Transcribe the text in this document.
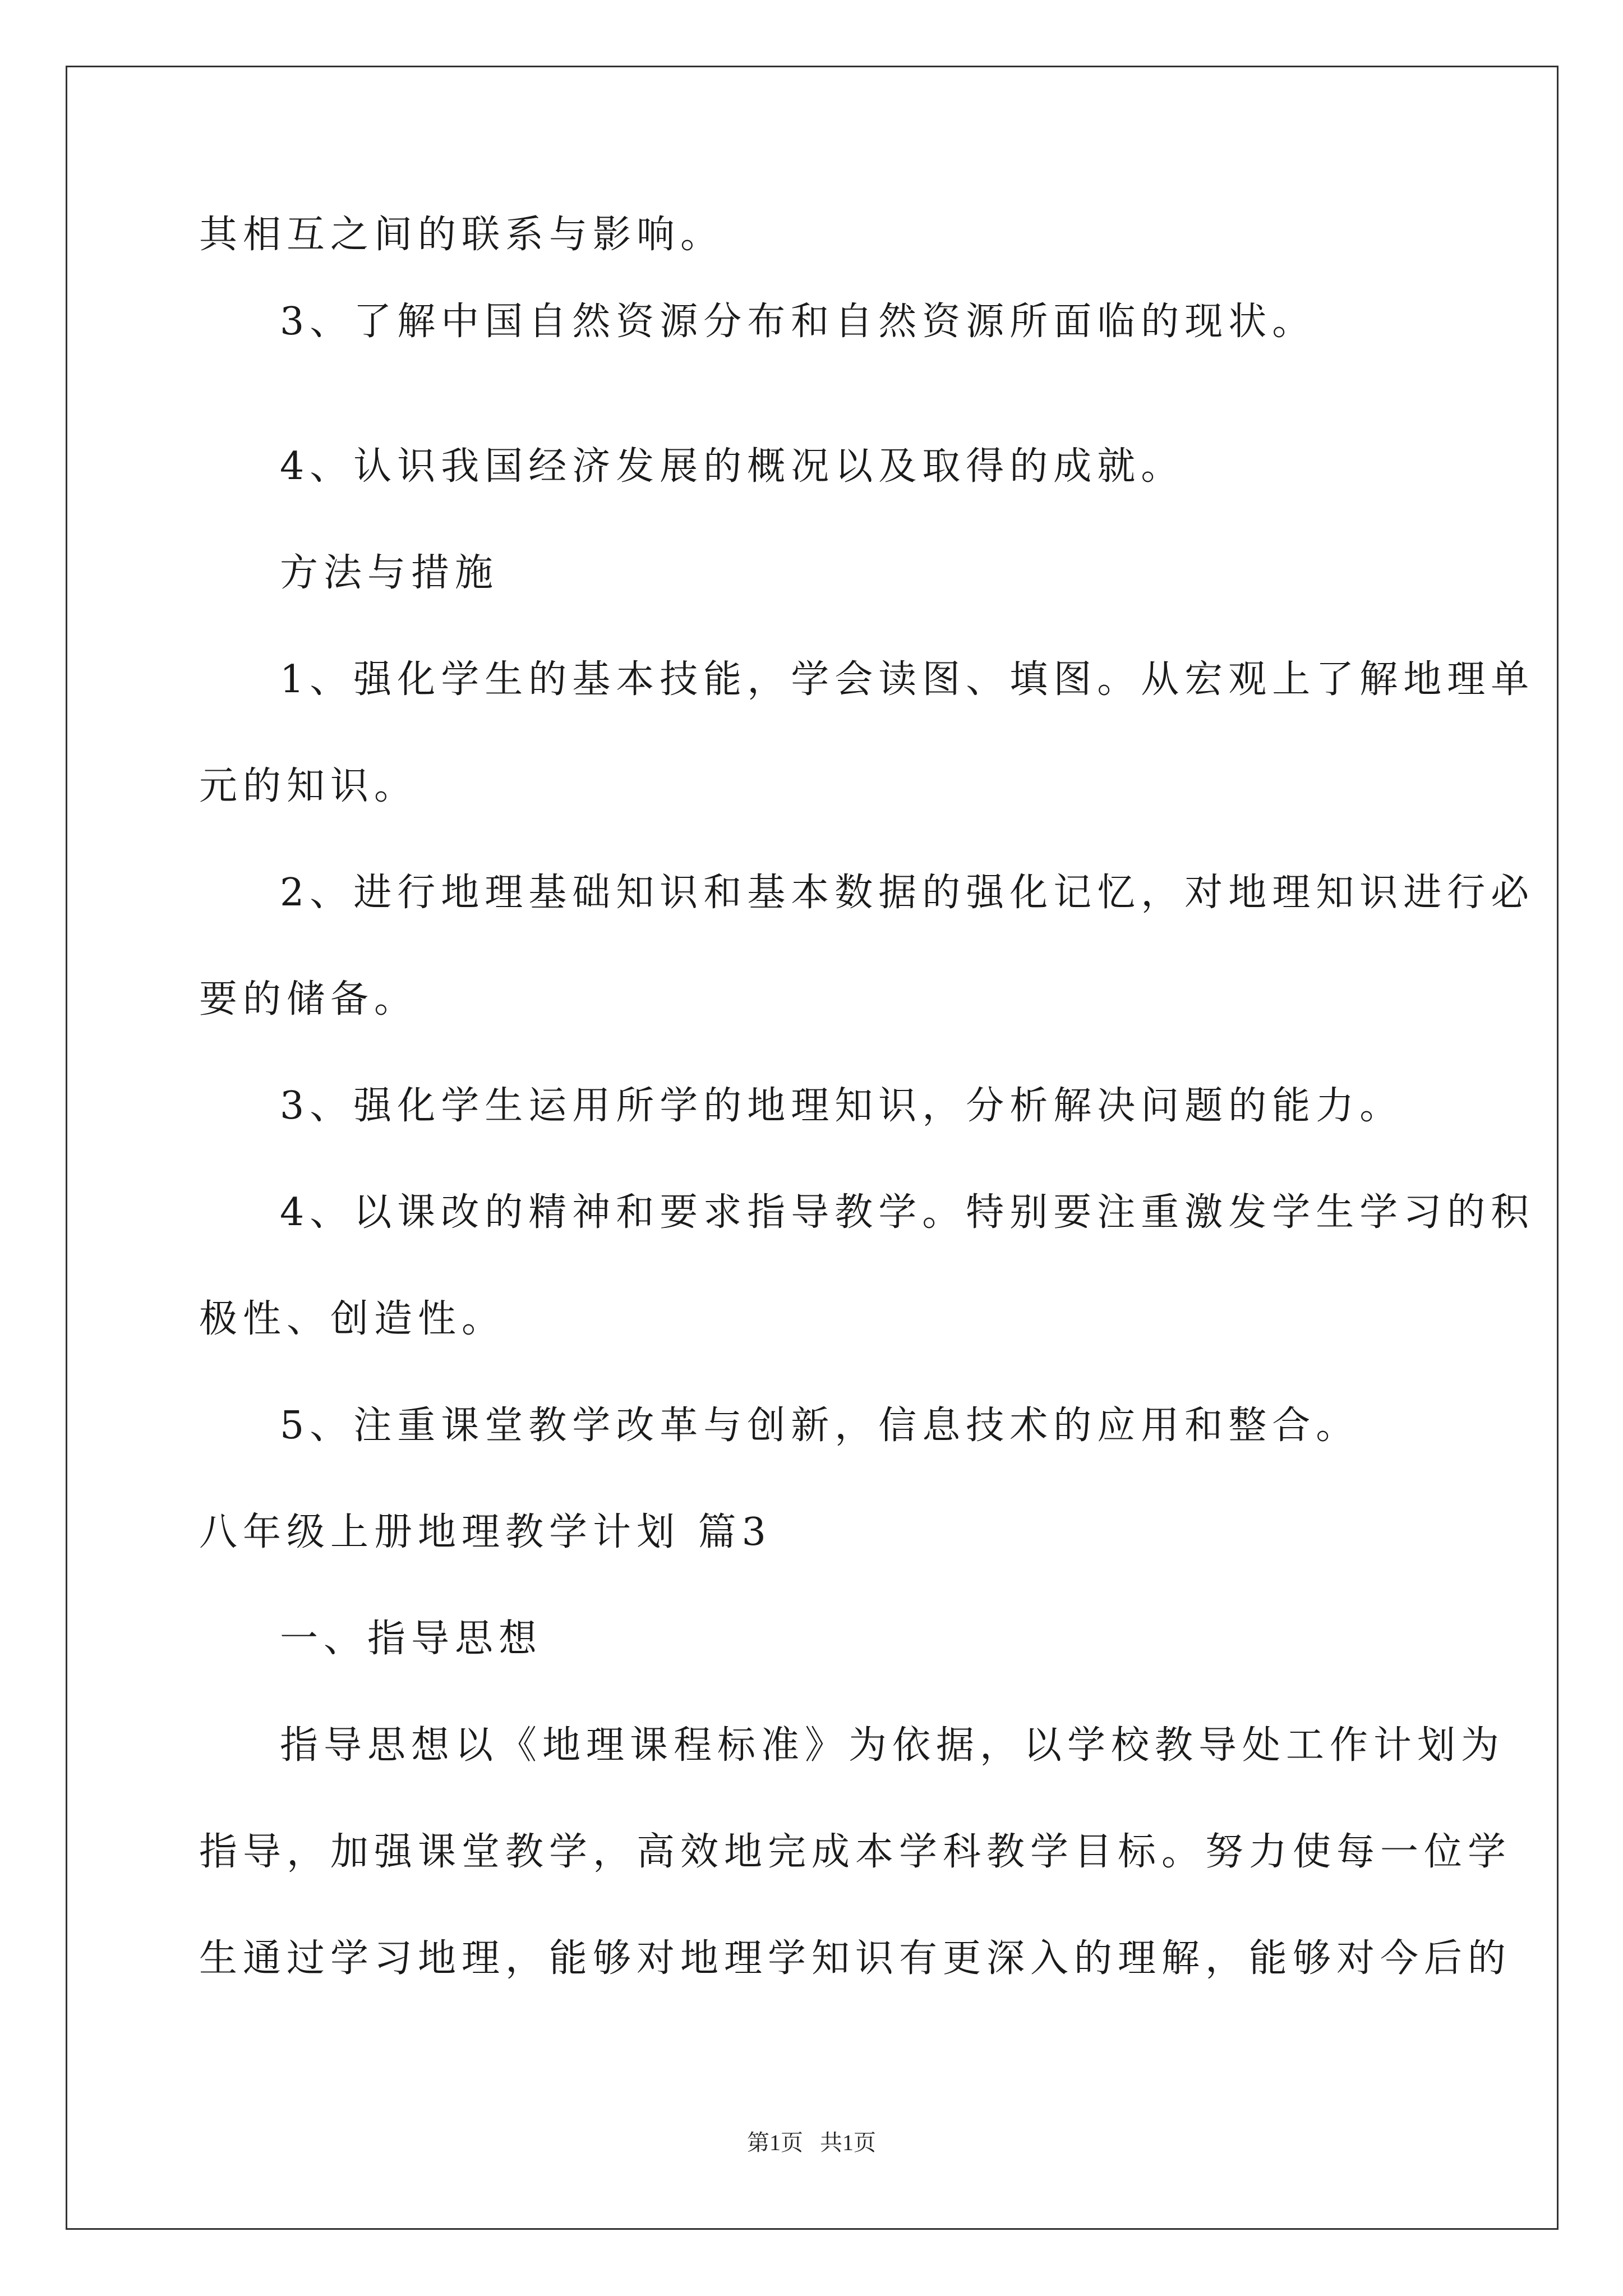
其相互之间的联系与影响。
3、了解中国自然资源分布和自然资源所面临的现状。
4、认识我国经济发展的概况以及取得的成就。
方法与措施
1、强化学生的基本技能，学会读图、填图。从宏观上了解地理单
元的知识。
2、进行地理基础知识和基本数据的强化记忆，对地理知识进行必
要的储备。
3、强化学生运用所学的地理知识，分析解决问题的能力。
4、以课改的精神和要求指导教学。特别要注重激发学生学习的积
极性、创造性。
5、注重课堂教学改革与创新，信息技术的应用和整合。
八年级上册地理教学计划 篇3
一、指导思想
指导思想以《地理课程标准》为依据，以学校教导处工作计划为
指导，加强课堂教学，高效地完成本学科教学目标。努力使每一位学
生通过学习地理，能够对地理学知识有更深入的理解，能够对今后的
第1页 共1页
